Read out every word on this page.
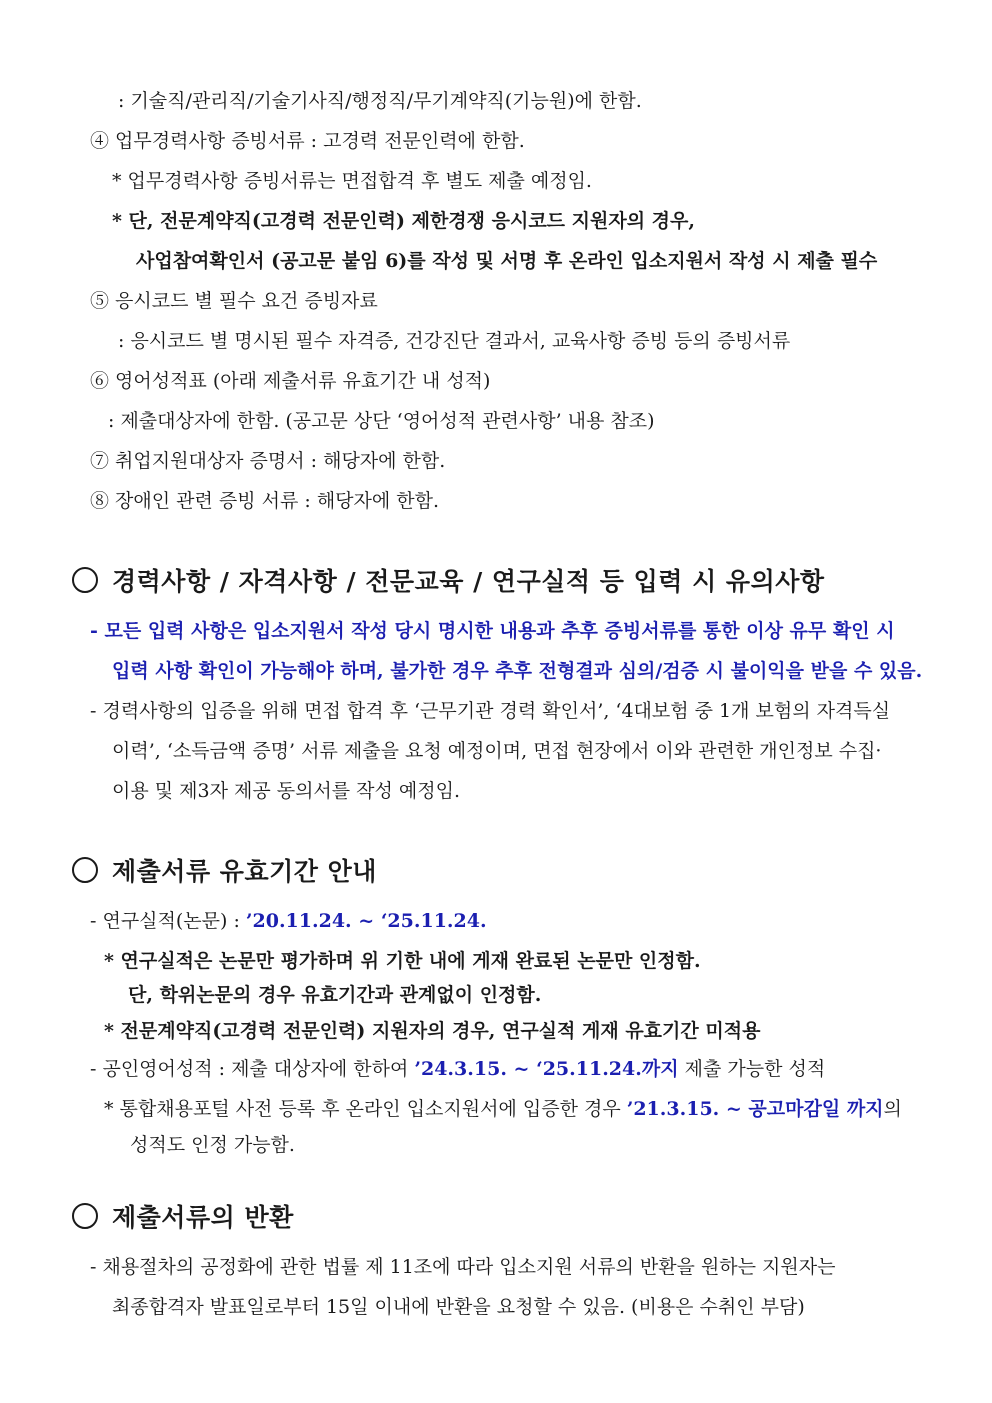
: 기술직/관리직/기술기사직/행정직/무기계약직(기능원)에 한함.
④ 업무경력사항 증빙서류 : 고경력 전문인력에 한함.
* 업무경력사항 증빙서류는 면접합격 후 별도 제출 예정임.
* 단, 전문계약직(고경력 전문인력) 제한경쟁 응시코드 지원자의 경우,
사업참여확인서 (공고문 붙임 6)를 작성 및 서명 후 온라인 입소지원서 작성 시 제출 필수
⑤ 응시코드 별 필수 요건 증빙자료
: 응시코드 별 명시된 필수 자격증, 건강진단 결과서, 교육사항 증빙 등의 증빙서류
⑥ 영어성적표 (아래 제출서류 유효기간 내 성적)
: 제출대상자에 한함. (공고문 상단 ‘영어성적 관련사항’ 내용 참조)
⑦ 취업지원대상자 증명서 : 해당자에 한함.
⑧ 장애인 관련 증빙 서류 : 해당자에 한함.
경력사항 / 자격사항 / 전문교육 / 연구실적 등 입력 시 유의사항
- 모든 입력 사항은 입소지원서 작성 당시 명시한 내용과 추후 증빙서류를 통한 이상 유무 확인 시
입력 사항 확인이 가능해야 하며, 불가한 경우 추후 전형결과 심의/검증 시 불이익을 받을 수 있음.
- 경력사항의 입증을 위해 면접 합격 후 ‘근무기관 경력 확인서’, ‘4대보험 중 1개 보험의 자격득실
이력’, ‘소득금액 증명’ 서류 제출을 요청 예정이며, 면접 현장에서 이와 관련한 개인정보 수집·
이용 및 제3자 제공 동의서를 작성 예정임.
제출서류 유효기간 안내
- 연구실적(논문) : ’20.11.24. ~ ‘25.11.24.
* 연구실적은 논문만 평가하며 위 기한 내에 게재 완료된 논문만 인정함.
단, 학위논문의 경우 유효기간과 관계없이 인정함.
* 전문계약직(고경력 전문인력) 지원자의 경우, 연구실적 게재 유효기간 미적용
- 공인영어성적 : 제출 대상자에 한하여 ’24.3.15. ~ ‘25.11.24.까지 제출 가능한 성적
* 통합채용포털 사전 등록 후 온라인 입소지원서에 입증한 경우 ’21.3.15. ~ 공고마감일 까지의
성적도 인정 가능함.
제출서류의 반환
- 채용절차의 공정화에 관한 법률 제 11조에 따라 입소지원 서류의 반환을 원하는 지원자는
최종합격자 발표일로부터 15일 이내에 반환을 요청할 수 있음. (비용은 수취인 부담)
